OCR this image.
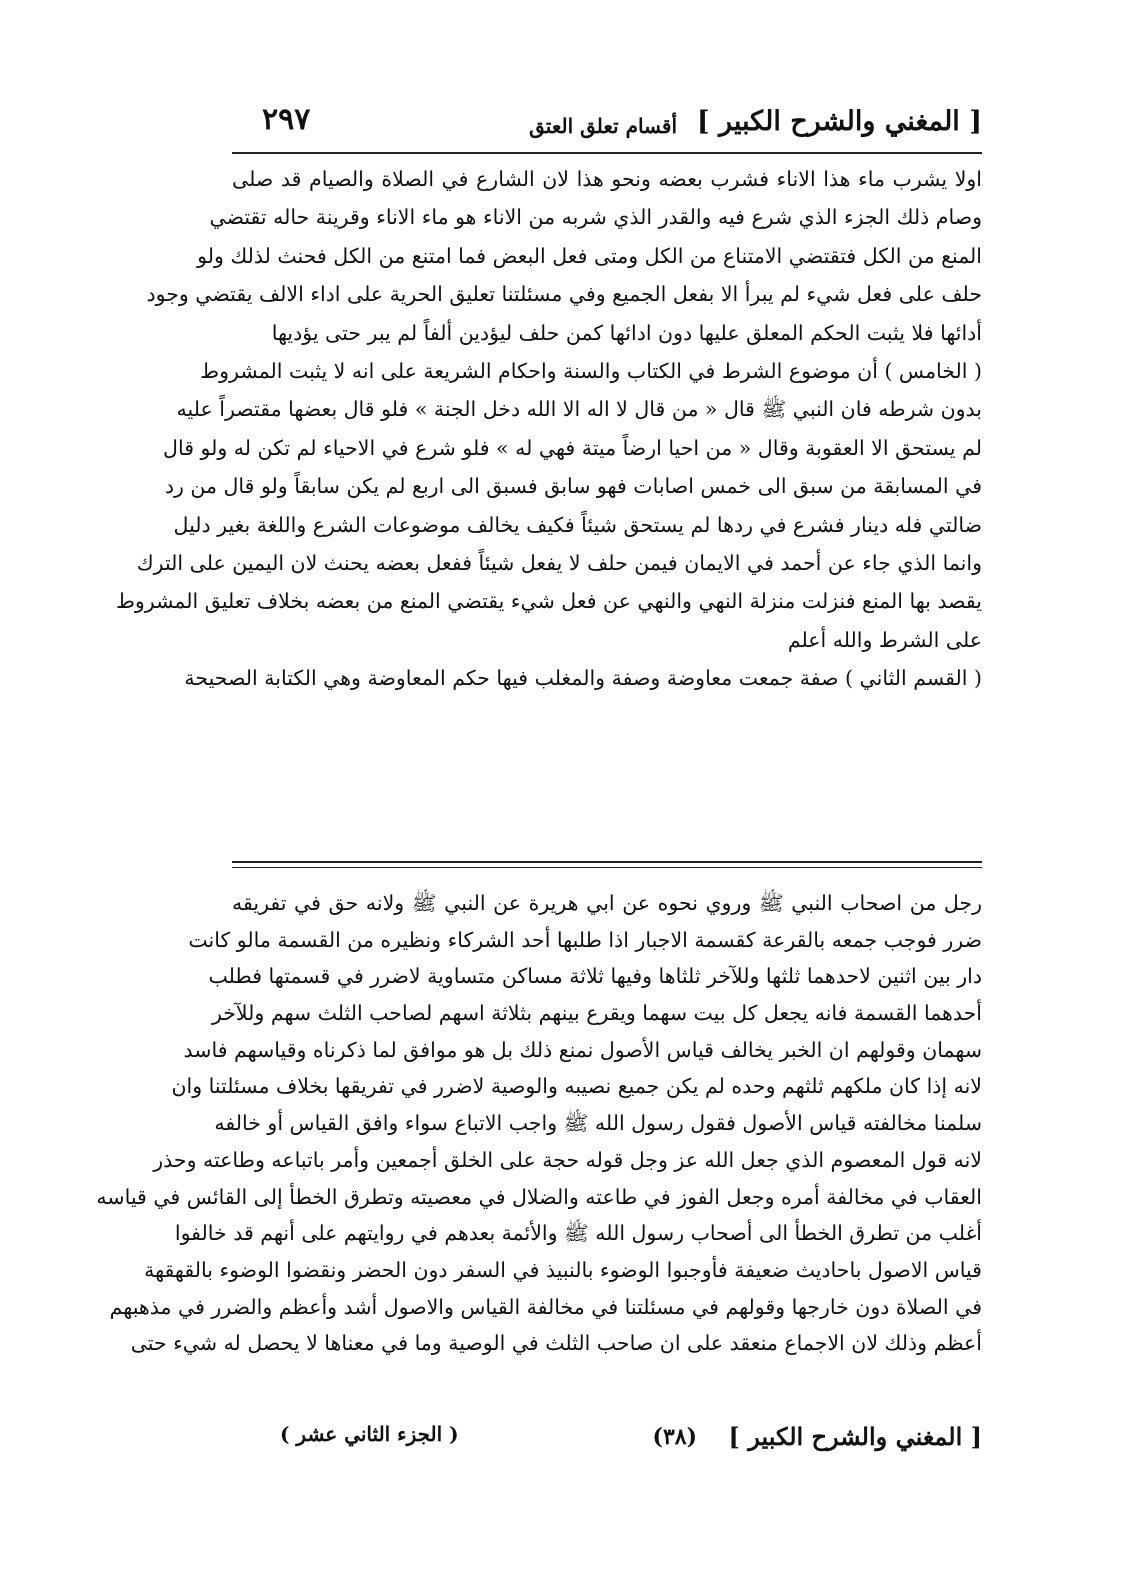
[ المغني والشرح الكبير ]
أقسام تعلق العتق
٢٩٧
اولا يشرب ماء هذا الاناء فشرب بعضه ونحو هذا لان الشارع في الصلاة والصيام قد صلى
وصام ذلك الجزء الذي شرع فيه والقدر الذي شربه من الاناء هو ماء الاناء وقرينة حاله تقتضي
المنع من الكل فتقتضي الامتناع من الكل ومتى فعل البعض فما امتنع من الكل فحنث لذلك ولو
حلف على فعل شيء لم يبرأ الا بفعل الجميع وفي مسئلتنا تعليق الحرية على اداء الالف يقتضي وجود
أدائها فلا يثبت الحكم المعلق عليها دون ادائها كمن حلف ليؤدين ألفاً لم يبر حتى يؤديها
( الخامس ) أن موضوع الشرط في الكتاب والسنة واحكام الشريعة على انه لا يثبت المشروط
بدون شرطه فان النبي ﷺ قال « من قال لا اله الا الله دخل الجنة » فلو قال بعضها مقتصراً عليه
لم يستحق الا العقوبة وقال « من احيا ارضاً ميتة فهي له » فلو شرع في الاحياء لم تكن له ولو قال
في المسابقة من سبق الى خمس اصابات فهو سابق فسبق الى اربع لم يكن سابقاً ولو قال من رد
ضالتي فله دينار فشرع في ردها لم يستحق شيئاً فكيف يخالف موضوعات الشرع واللغة بغير دليل
وانما الذي جاء عن أحمد في الايمان فيمن حلف لا يفعل شيئاً ففعل بعضه يحنث لان اليمين على الترك
يقصد بها المنع فنزلت منزلة النهي والنهي عن فعل شيء يقتضي المنع من بعضه بخلاف تعليق المشروط
على الشرط والله أعلم
( القسم الثاني ) صفة جمعت معاوضة وصفة والمغلب فيها حكم المعاوضة وهي الكتابة الصحيحة
رجل من اصحاب النبي ﷺ وروي نحوه عن ابي هريرة عن النبي ﷺ ولانه حق في تفريقه
ضرر فوجب جمعه بالقرعة كقسمة الاجبار اذا طلبها أحد الشركاء ونظيره من القسمة مالو كانت
دار بين اثنين لاحدهما ثلثها وللآخر ثلثاها وفيها ثلاثة مساكن متساوية لاضرر في قسمتها فطلب
أحدهما القسمة فانه يجعل كل بيت سهما ويقرع بينهم بثلاثة اسهم لصاحب الثلث سهم وللآخر
سهمان وقولهم ان الخبر يخالف قياس الأصول نمنع ذلك بل هو موافق لما ذكرناه وقياسهم فاسد
لانه إذا كان ملكهم ثلثهم وحده لم يكن جميع نصيبه والوصية لاضرر في تفريقها بخلاف مسئلتنا وان
سلمنا مخالفته قياس الأصول فقول رسول الله ﷺ واجب الاتباع سواء وافق القياس أو خالفه
لانه قول المعصوم الذي جعل الله عز وجل قوله حجة على الخلق أجمعين وأمر باتباعه وطاعته وحذر
العقاب في مخالفة أمره وجعل الفوز في طاعته والضلال في معصيته وتطرق الخطأ إلى القائس في قياسه
أغلب من تطرق الخطأ الى أصحاب رسول الله ﷺ والأئمة بعدهم في روايتهم على أنهم قد خالفوا
قياس الاصول باحاديث ضعيفة فأوجبوا الوضوء بالنبيذ في السفر دون الحضر ونقضوا الوضوء بالقهقهة
في الصلاة دون خارجها وقولهم في مسئلتنا في مخالفة القياس والاصول أشد وأعظم والضرر في مذهبهم
أعظم وذلك لان الاجماع منعقد على ان صاحب الثلث في الوصية وما في معناها لا يحصل له شيء حتى
[ المغني والشرح الكبير ]
(٣٨)
( الجزء الثاني عشر )
